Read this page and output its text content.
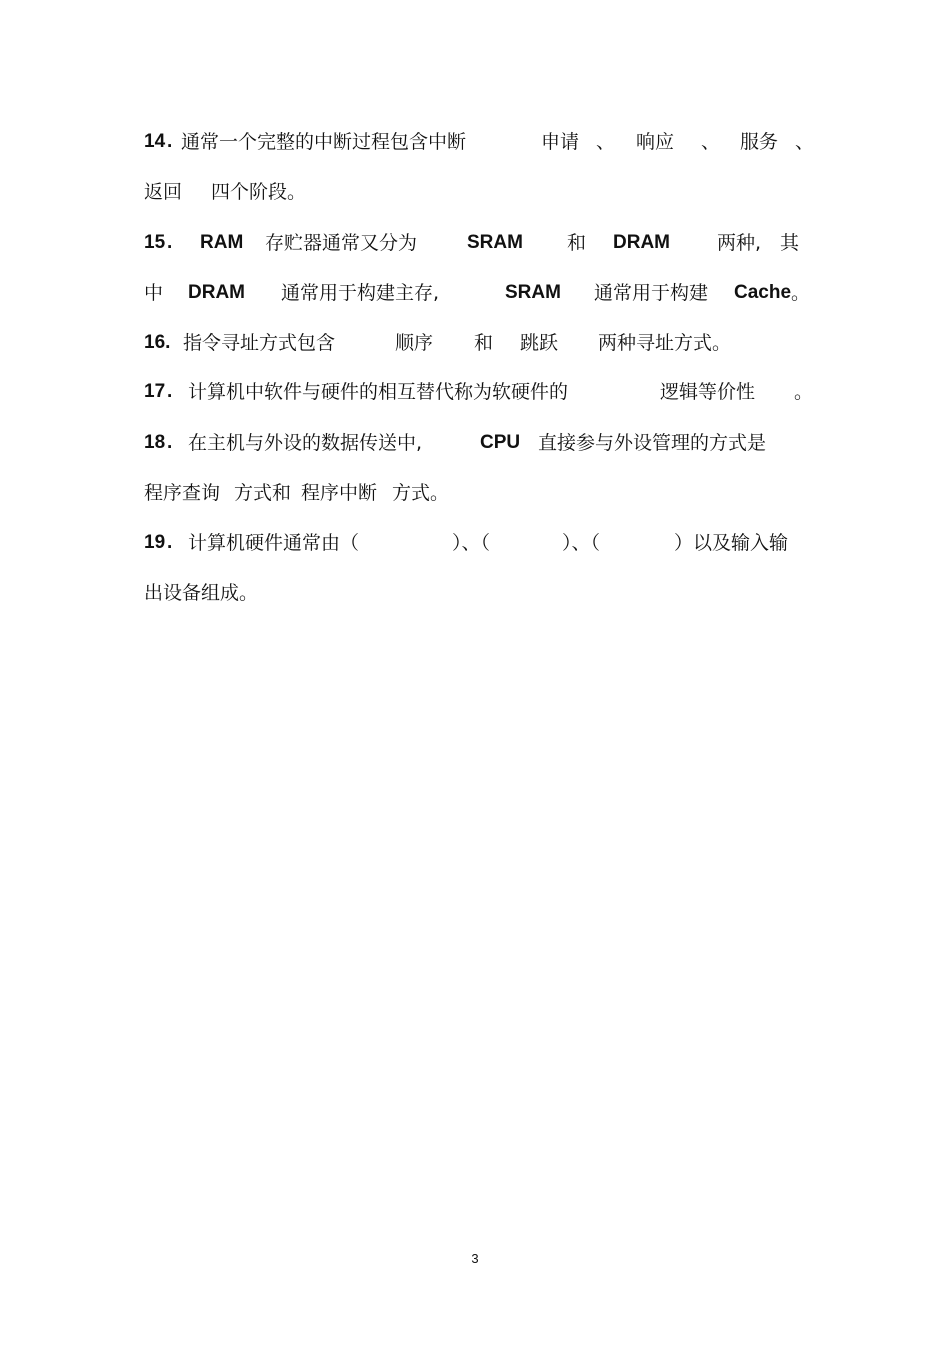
14 . 通常一个完整的中断过程包含中断	申请 、 响应 、 服务 、
返回 四个阶段。
15 . RAM 存贮器通常又分为	SRAM 和 DRAM 两种, 其
中 DRAM 通常用于构建主存,	SRAM 通常用于构建 Cache 。
16. 指令寻址方式包含	顺序 和 跳跃 两种寻址方式。
17 . 计算机中软件与硬件的相互替代称为软硬件的	逻辑等价性 。
18 . 在主机与外设的数据传送中,	CPU 直接参与外设管理的方式是
程序查询 方式和 程序中断 方式。
19 . 计算机硬件通常由（	）、（	）、（	）以及输入输
出设备组成。
3
